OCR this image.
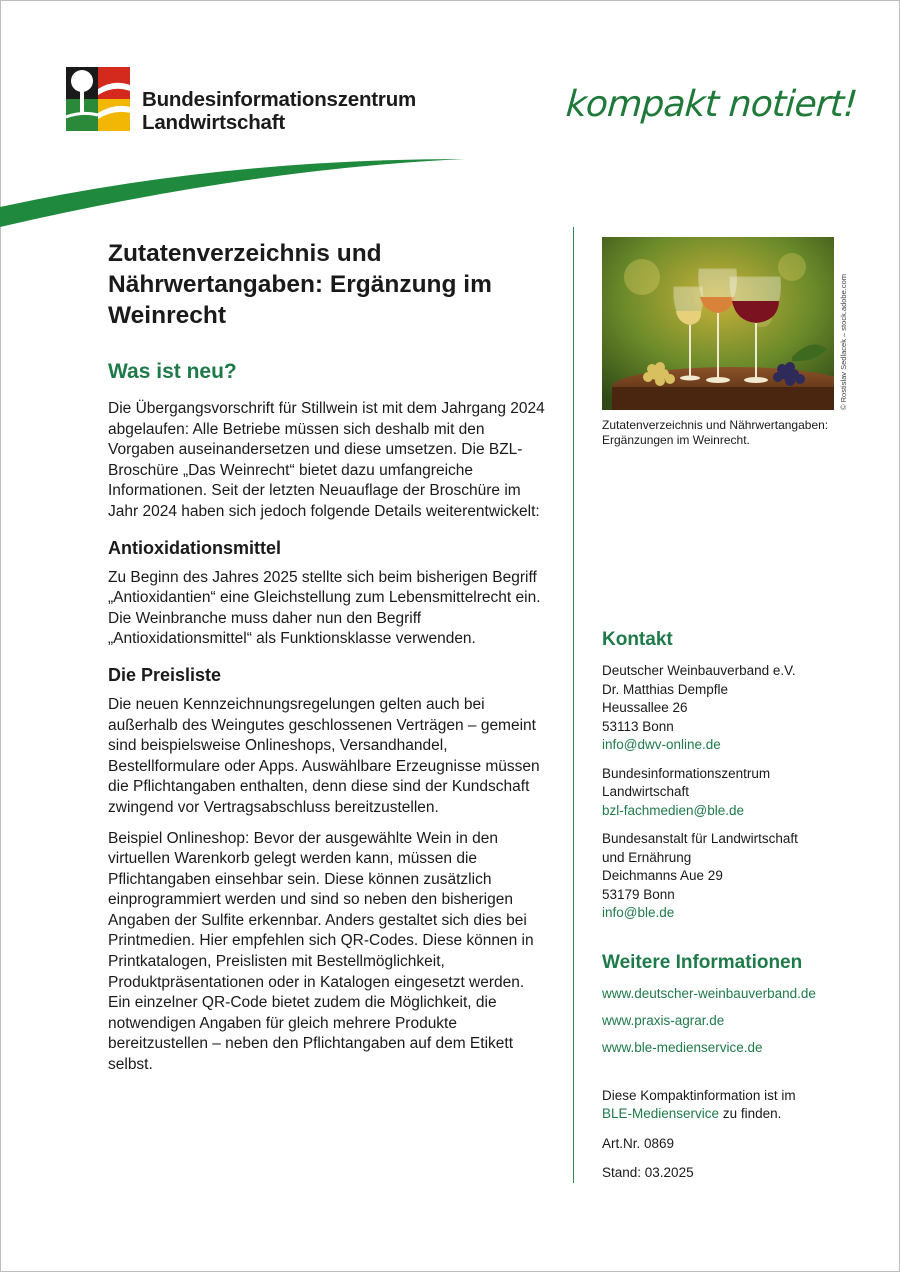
Bundesinformationszentrum
Landwirtschaft	kompakt notiert!
Zutatenverzeichnis und Nährwertangaben: Ergänzung im Weinrecht
Was ist neu?

Die Übergangsvorschrift für Stillwein ist mit dem Jahrgang 2024 abgelaufen: Alle Betriebe müssen sich deshalb mit den Vorgaben auseinandersetzen und diese umsetzen. Die BZL-Broschüre „Das Weinrecht“ bietet dazu umfangreiche Informationen. Seit der letzten Neuauflage der Broschüre im Jahr 2024 haben sich jedoch folgende Details weiterentwickelt:

Antioxidationsmittel

Zu Beginn des Jahres 2025 stellte sich beim bisherigen Begriff „Antioxidantien“ eine Gleichstellung zum Lebensmittelrecht ein. Die Weinbranche muss daher nun den Begriff „Antioxidationsmittel“ als Funktionsklasse verwenden.

Die Preisliste

Die neuen Kennzeichnungsregelungen gelten auch bei außerhalb des Weingutes geschlossenen Verträgen – gemeint sind beispielsweise Onlineshops, Versandhandel, Bestellformulare oder Apps. Auswählbare Erzeugnisse müssen die Pflichtangaben enthalten, denn diese sind der Kundschaft zwingend vor Vertragsabschluss bereitzustellen.

Beispiel Onlineshop: Bevor der ausgewählte Wein in den virtuellen Warenkorb gelegt werden kann, müssen die Pflichtangaben einsehbar sein. Diese können zusätzlich einprogrammiert werden und sind so neben den bisherigen Angaben der Sulfite erkennbar. Anders gestaltet sich dies bei Printmedien. Hier empfehlen sich QR-Codes. Diese können in Printkatalogen, Preislisten mit Bestellmöglichkeit, Produktpräsentationen oder in Katalogen eingesetzt werden. Ein einzelner QR-Code bietet zudem die Möglichkeit, die notwendigen Angaben für gleich mehrere Produkte bereitzustellen – neben den Pflichtangaben auf dem Etikett selbst.

© Rostislav Sedlacek – stock.adobe.com
Zutatenverzeichnis und Nährwertangaben: Ergänzungen im Weinrecht.
Kontakt
Deutscher Weinbauverband e.V.
Dr. Matthias Dempfle
Heussallee 26
53113 Bonn
info@dwv-online.de
Bundesinformationszentrum
Landwirtschaft
bzl-fachmedien@ble.de
Bundesanstalt für Landwirtschaft
und Ernährung
Deichmanns Aue 29
53179 Bonn
info@ble.de
Weitere Informationen
www.deutscher-weinbauverband.de
www.praxis-agrar.de
www.ble-medienservice.de
Diese Kompaktinformation ist im
BLE-Medienservice zu finden.
Art.Nr. 0869
Stand: 03.2025
